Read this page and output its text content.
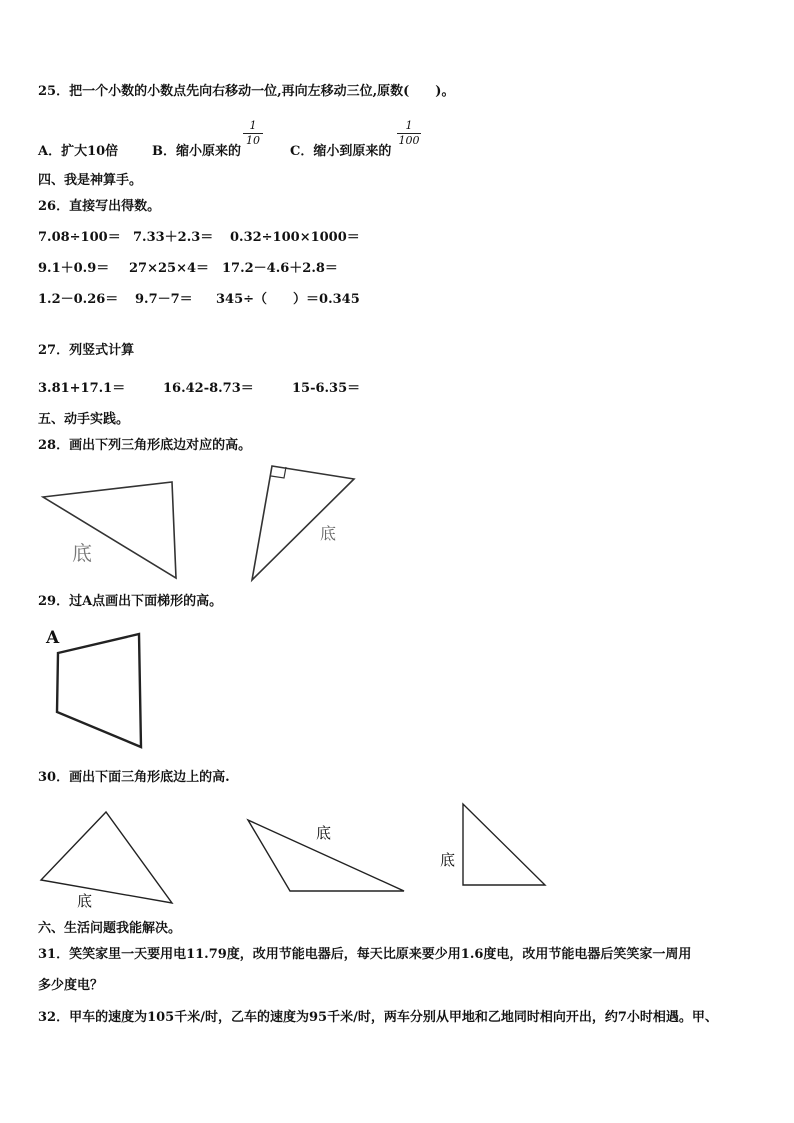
25．把一个小数的小数点先向右移动一位,再向左移动三位,原数(　　)。
A．扩大10倍	B．缩小原来的
1
10
C．缩小到原来的
1
100
四、我是神算手。
26．直接写出得数。
7.08÷100＝ 7.33＋2.3＝ 0.32÷100×1000＝
9.1＋0.9＝ 27×25×4＝ 17.2－4.6＋2.8＝
1.2－0.26＝ 9.7－7＝ 345÷（　　）＝0.345
27．列竖式计算
3.81+17.1＝	16.42-8.73＝	15-6.35＝
五、动手实践。
28．画出下列三角形底边对应的高。
底
底
29．过A点画出下面梯形的高。
A
30．画出下面三角形底边上的高.
底
底
底
六、生活问题我能解决。
31．笑笑家里一天要用电11.79度，改用节能电器后，每天比原来要少用1.6度电，改用节能电器后笑笑家一周用
多少度电？
32．甲车的速度为105千米/时，乙车的速度为95千米/时，两车分别从甲地和乙地同时相向开出，约7小时相遇。甲、
